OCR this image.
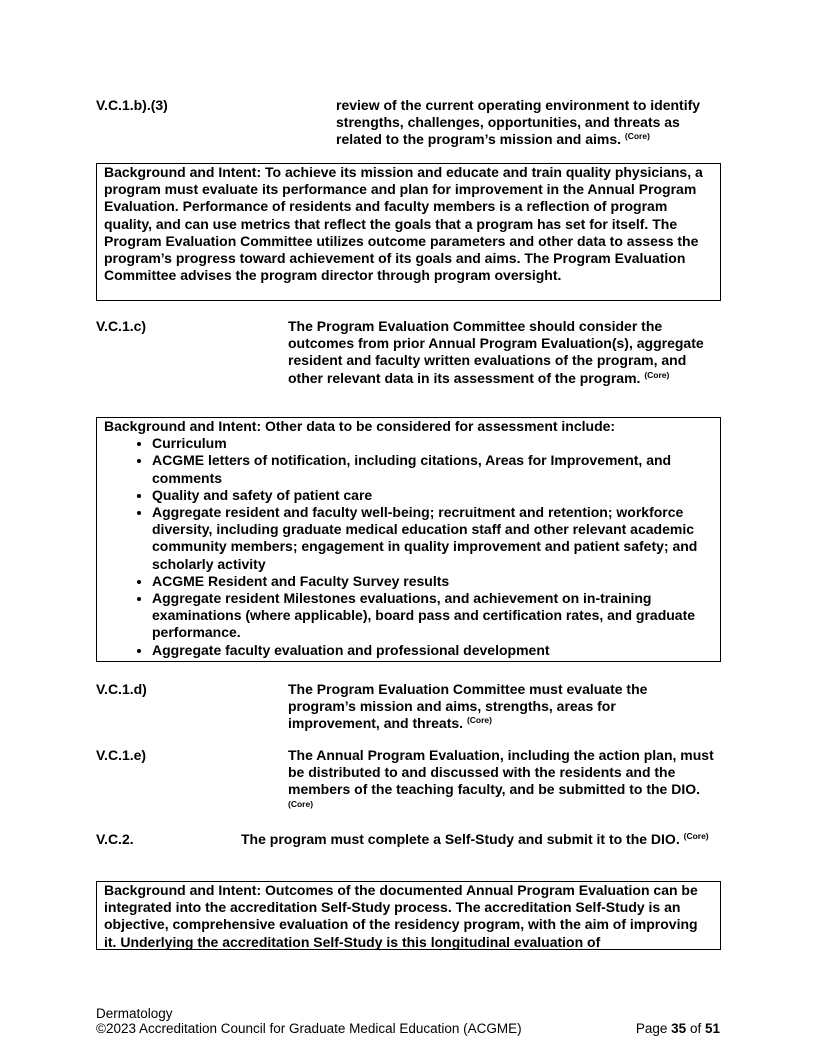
V.C.1.b).(3)	review of the current operating environment to identify strengths, challenges, opportunities, and threats as related to the program’s mission and aims. $^{(Core)}$
Background and Intent: To achieve its mission and educate and train quality physicians, a program must evaluate its performance and plan for improvement in the Annual Program Evaluation. Performance of residents and faculty members is a reflection of program quality, and can use metrics that reflect the goals that a program has set for itself. The Program Evaluation Committee utilizes outcome parameters and other data to assess the program’s progress toward achievement of its goals and aims. The Program Evaluation Committee advises the program director through program oversight.
V.C.1.c)	The Program Evaluation Committee should consider the outcomes from prior Annual Program Evaluation(s), aggregate resident and faculty written evaluations of the program, and other relevant data in its assessment of the program. $^{(Core)}$
Background and Intent: Other data to be considered for assessment include:
• Curriculum
• ACGME letters of notification, including citations, Areas for Improvement, and comments
• Quality and safety of patient care
• Aggregate resident and faculty well-being; recruitment and retention; workforce diversity, including graduate medical education staff and other relevant academic community members; engagement in quality improvement and patient safety; and scholarly activity
• ACGME Resident and Faculty Survey results
• Aggregate resident Milestones evaluations, and achievement on in-training examinations (where applicable), board pass and certification rates, and graduate performance.
• Aggregate faculty evaluation and professional development
V.C.1.d)	The Program Evaluation Committee must evaluate the program’s mission and aims, strengths, areas for improvement, and threats. $^{(Core)}$
V.C.1.e)	The Annual Program Evaluation, including the action plan, must be distributed to and discussed with the residents and the members of the teaching faculty, and be submitted to the DIO. $^{(Core)}$
V.C.2.	The program must complete a Self-Study and submit it to the DIO. $^{(Core)}$
Background and Intent: Outcomes of the documented Annual Program Evaluation can be integrated into the accreditation Self-Study process. The accreditation Self-Study is an objective, comprehensive evaluation of the residency program, with the aim of improving it. Underlying the accreditation Self-Study is this longitudinal evaluation of
Dermatology
©2023 Accreditation Council for Graduate Medical Education (ACGME)	Page 35 of 51
